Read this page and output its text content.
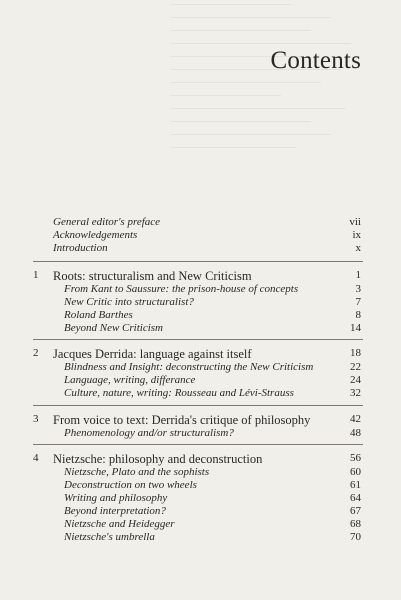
Contents
General editor's preface	vii
Acknowledgements	ix
Introduction	x
1 Roots: structuralism and New Criticism	1
From Kant to Saussure: the prison-house of concepts	3
New Critic into structuralist?	7
Roland Barthes	8
Beyond New Criticism	14
2 Jacques Derrida: language against itself	18
Blindness and Insight: deconstructing the New Criticism	22
Language, writing, differance	24
Culture, nature, writing: Rousseau and Lévi-Strauss	32
3 From voice to text: Derrida's critique of philosophy	42
Phenomenology and/or structuralism?	48
4 Nietzsche: philosophy and deconstruction	56
Nietzsche, Plato and the sophists	60
Deconstruction on two wheels	61
Writing and philosophy	64
Beyond interpretation?	67
Nietzsche and Heidegger	68
Nietzsche's umbrella	70
